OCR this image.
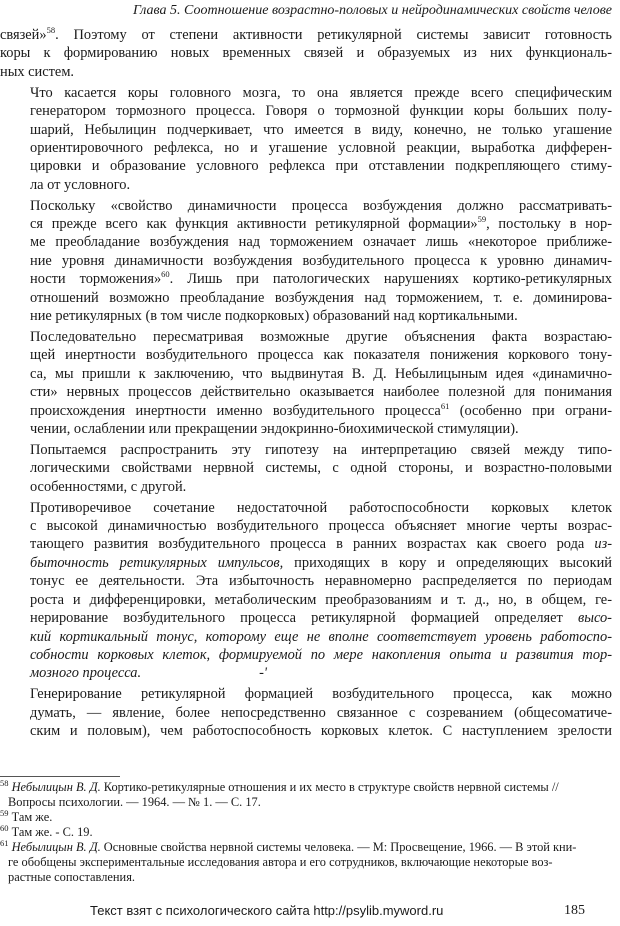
Глава 5. Соотношение возрастно-половых и нейродинамических свойств челове
связей»$^{58}$. Поэтому от степени активности ретикулярной системы зависит готовность
коры к формированию новых временных связей и образуемых из них функциональ-
ных систем.
Что касается коры головного мозга, то она является прежде всего специфическим
генератором тормозного процесса. Говоря о тормозной функции коры больших полу-
шарий, Небылицин подчеркивает, что имеется в виду, конечно, не только угашение
ориентировочного рефлекса, но и угашение условной реакции, выработка дифферен-
цировки и образование условного рефлекса при отставлении подкрепляющего стиму-
ла от условного.
Поскольку «свойство динамичности процесса возбуждения должно рассматривать-
ся прежде всего как функция активности ретикулярной формации»$^{59}$, постольку в нор-
ме преобладание возбуждения над торможением означает лишь «некоторое приближе-
ние уровня динамичности возбуждения возбудительного процесса к уровню динамич-
ности торможения»$^{60}$. Лишь при патологических нарушениях кортико-ретикулярных
отношений возможно преобладание возбуждения над торможением, т. е. доминирова-
ние ретикулярных (в том числе подкорковых) образований над кортикальными.
Последовательно пересматривая возможные другие объяснения факта возрастаю-
щей инертности возбудительного процесса как показателя понижения коркового тону-
са, мы пришли к заключению, что выдвинутая В. Д. Небылицыным идея «динамично-
сти» нервных процессов действительно оказывается наиболее полезной для понимания
происхождения инертности именно возбудительного процесса$^{61}$ (особенно при ограни-
чении, ослаблении или прекращении эндокринно-биохимической стимуляции).
Попытаемся распространить эту гипотезу на интерпретацию связей между типо-
логическими свойствами нервной системы, с одной стороны, и возрастно-половыми
особенностями, с другой.
Противоречивое сочетание недостаточной работоспособности корковых клеток
с высокой динамичностью возбудительного процесса объясняет многие черты возрас-
тающего развития возбудительного процесса в ранних возрастах как своего рода из-
быточность ретикулярных импульсов, приходящих в кору и определяющих высокий
тонус ее деятельности. Эта избыточность неравномерно распределяется по периодам
роста и дифференцировки, метаболическим преобразованиям и т. д., но, в общем, ге-
нерирование возбудительного процесса ретикулярной формацией определяет высо-
кий кортикальный тонус, которому еще не вполне соответствует уровень работоспо-
собности корковых клеток, формируемой по мере накопления опыта и развития тор-
мозного процесса.	-'
Генерирование ретикулярной формацией возбудительного процесса, как можно
думать, — явление, более непосредственно связанное с созреванием (общесоматиче-
ским и половым), чем работоспособность корковых клеток. С наступлением зрелости
$^{58}$ Небылицын В. Д. Кортико-ретикулярные отношения и их место в структуре свойств нервной системы //
Вопросы психологии. — 1964. — № 1. — С. 17.
$^{59}$ Там же.
$^{60}$ Там же. - С. 19.
$^{61}$ Небылицын В. Д. Основные свойства нервной системы человека. — М: Просвещение, 1966. — В этой кни-
ге обобщены экспериментальные исследования автора и его сотрудников, включающие некоторые воз-
растные сопоставления.
Текст взят с психологического сайта http://psylib.myword.ru	185
